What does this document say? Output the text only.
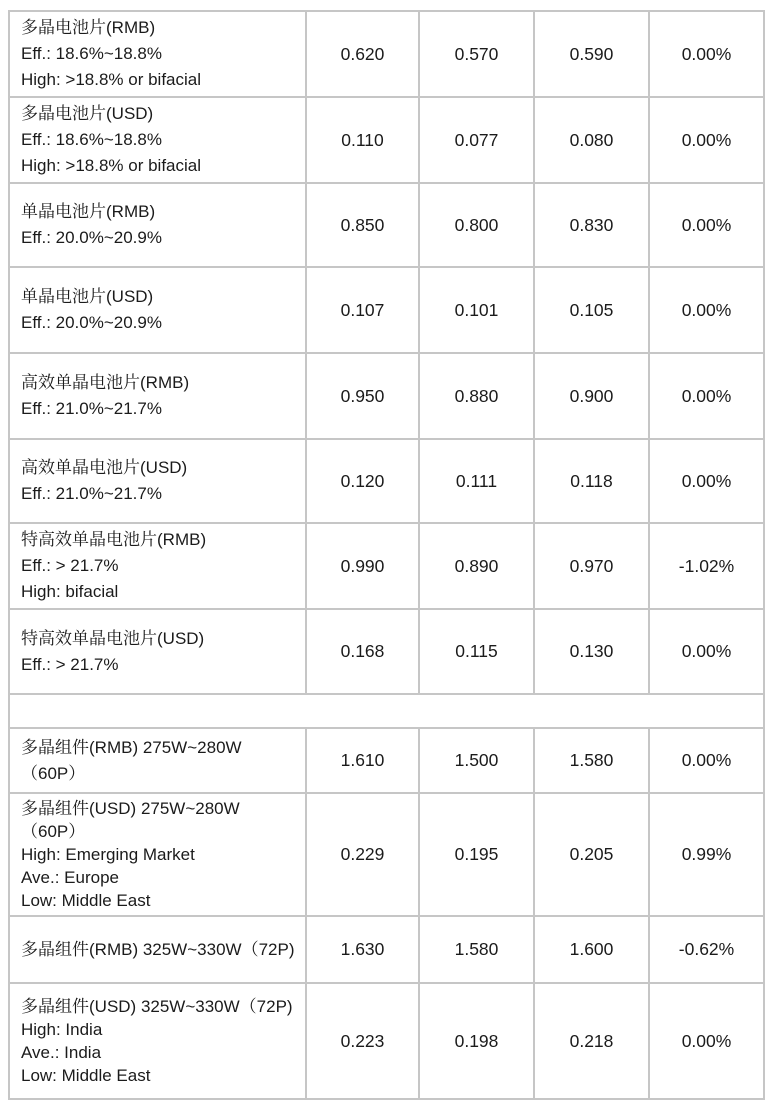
多晶电池片(RMB)
Eff.: 18.6%~18.8%
High: >18.8% or bifacial	0.620	0.570	0.590	0.00%

多晶电池片(USD)
Eff.: 18.6%~18.8%
High: >18.8% or bifacial	0.110	0.077	0.080	0.00%

单晶电池片(RMB)
Eff.: 20.0%~20.9%	0.850	0.800	0.830	0.00%

单晶电池片(USD)
Eff.: 20.0%~20.9%	0.107	0.101	0.105	0.00%

高效单晶电池片(RMB)
Eff.: 21.0%~21.7%	0.950	0.880	0.900	0.00%

高效单晶电池片(USD)
Eff.: 21.0%~21.7%	0.120	0.111	0.118	0.00%

特高效单晶电池片(RMB)
Eff.: > 21.7%
High: bifacial	0.990	0.890	0.970	-1.02%

特高效单晶电池片(USD)
Eff.: > 21.7%	0.168	0.115	0.130	0.00%
硅基组件 (Per Watt)				

多晶组件(RMB) 275W~280W
（60P）	1.610	1.500	1.580	0.00%

多晶组件(USD) 275W~280W
（60P）
High: Emerging Market
Ave.: Europe
Low: Middle East	0.229	0.195	0.205	0.99%

多晶组件(RMB) 325W~330W（72P)	1.630	1.580	1.600	-0.62%

多晶组件(USD) 325W~330W（72P)
High: India
Ave.: India
Low: Middle East	0.223	0.198	0.218	0.00%
